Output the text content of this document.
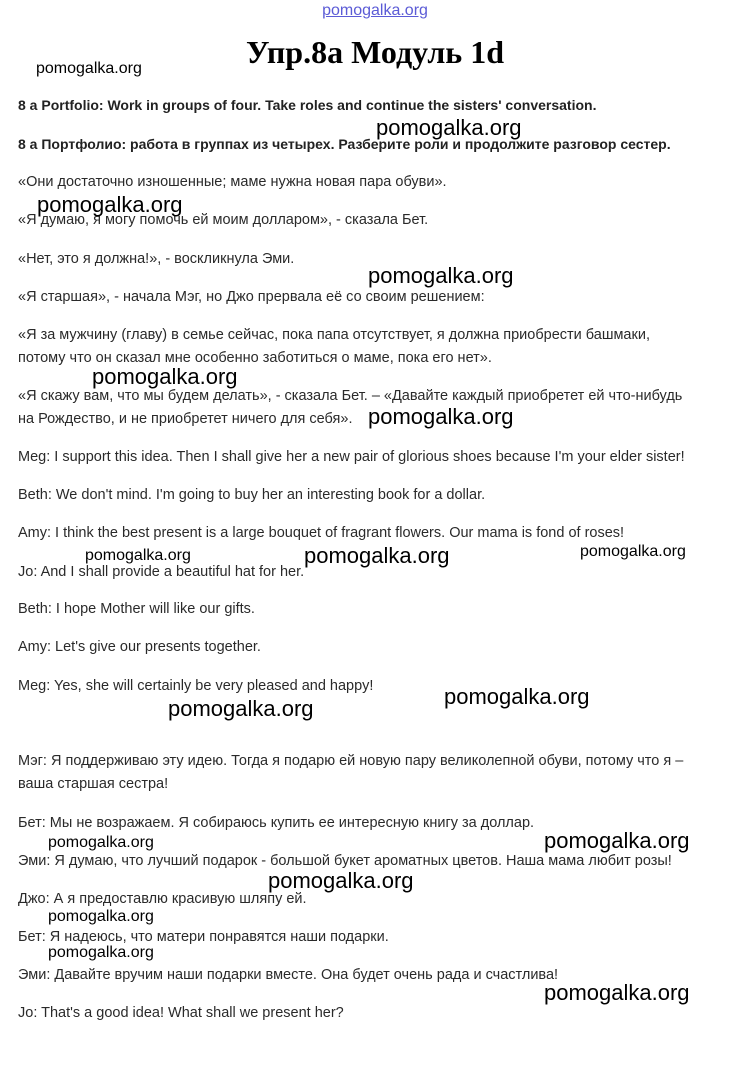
pomogalka.org
Упр.8а Модуль 1d
8 a Portfolio: Work in groups of four. Take roles and continue the sisters' conversation.
8 а Портфолио: работа в группах из четырех. Разберите роли и продолжите разговор сестер.
«Они достаточно изношенные; маме нужна новая пара обуви».
«Я думаю, я могу помочь ей моим долларом», - сказала Бет.
«Нет, это я должна!», - воскликнула Эми.
«Я старшая», - начала Мэг, но Джо прервала её со своим решением:
«Я за мужчину (главу) в семье сейчас, пока папа отсутствует, я должна приобрести башмаки,
потому что он сказал мне особенно заботиться о маме, пока его нет».
«Я скажу вам, что мы будем делать», - сказала Бет. – «Давайте каждый приобретет ей что-нибудь
на Рождество, и не приобретет ничего для себя».
Meg: I support this idea. Then I shall give her a new pair of glorious shoes because I'm your elder sister!
Beth: We don't mind. I'm going to buy her an interesting book for a dollar.
Amy: I think the best present is a large bouquet of fragrant flowers. Our mama is fond of roses!
Jo: And I shall provide a beautiful hat for her.
Beth: I hope Mother will like our gifts.
Amy: Let's give our presents together.
Meg: Yes, she will certainly be very pleased and happy!
Мэг: Я поддерживаю эту идею. Тогда я подарю ей новую пару великолепной обуви, потому что я –
ваша старшая сестра!
Бет: Мы не возражаем. Я собираюсь купить ее интересную книгу за доллар.
Эми: Я думаю, что лучший подарок - большой букет ароматных цветов. Наша мама любит розы!
Джо: А я предоставлю красивую шляпу ей.
Бет: Я надеюсь, что матери понравятся наши подарки.
Эми: Давайте вручим наши подарки вместе. Она будет очень рада и счастлива!
Jo: That's a good idea! What shall we present her?
pomogalka.org
pomogalka.org
pomogalka.org
pomogalka.org
pomogalka.org
pomogalka.org
pomogalka.org	pomogalka.org	pomogalka.org
pomogalka.org
pomogalka.org
pomogalka.org
pomogalka.org
pomogalka.org
pomogalka.org
pomogalka.org
pomogalka.org
